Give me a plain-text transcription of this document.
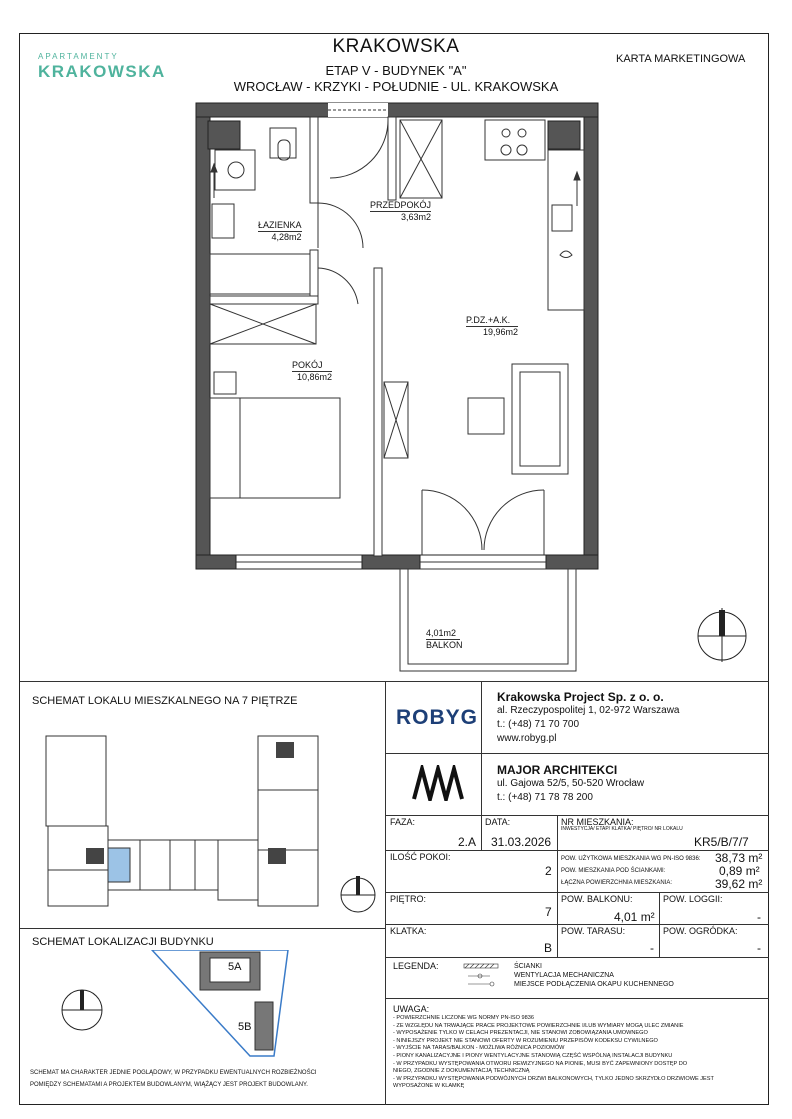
APARTAMENTY
KRAKOWSKA
KRAKOWSKA
ETAP V - BUDYNEK "A"
WROCŁAW - KRZYKI - POŁUDNIE - UL. KRAKOWSKA
KARTA MARKETINGOWA
ŁAZIENKA
4,28m2
PRZEDPOKÓJ
3,63m2
P.DZ.+A.K.
19,96m2
POKÓJ
10,86m2
4,01m2
BALKON
SCHEMAT LOKALU MIESZKALNEGO NA 7 PIĘTRZE
SCHEMAT LOKALIZACJI BUDYNKU
5A
5B
SCHEMAT MA CHARAKTER JEDNIE POGLĄDOWY, W PRZYPADKU EWENTUALNYCH ROZBIEŻNOŚCI
POMIĘDZY SCHEMATAMI A PROJEKTEM BUDOWLANYM, WIĄŻĄCY JEST PROJEKT BUDOWLANY.
ROBYG
Krakowska Project Sp. z o. o.
al. Rzeczypospolitej 1, 02-972 Warszawa
t.: (+48) 71 70 700
www.robyg.pl
MAJOR ARCHITEKCI
ul. Gajowa 52/5, 50-520 Wrocław
t.: (+48) 71 78 78 200
FAZA:
2.A
DATA:
31.03.2026
NR MIESZKANIA:
INWESTYCJA/ ETAP/ KLATKA/ PIĘTRO/ NR LOKALU
KR5/B/7/7
ILOŚĆ POKOI:
2
POW. UŻYTKOWA MIESZKANIA WG PN-ISO 9836: 38,73 m²
POW. MIESZKANIA POD ŚCIANKAMI:	0,89 m²
ŁĄCZNA POWIERZCHNIA MIESZKANIA:	39,62 m²
PIĘTRO:
7
POW. BALKONU:
4,01 m²
POW. LOGGII:
-
KLATKA:
B
POW. TARASU:
-
POW. OGRÓDKA:
-
LEGENDA:	ŚCIANKI
WENTYLACJA MECHANICZNA
MIEJSCE PODŁĄCZENIA OKAPU KUCHENNEGO
UWAGA:
- POWIERZCHNIE LICZONE WG NORMY PN-ISO 9836
- ZE WZGLĘDU NA TRWAJĄCE PRACE PROJEKTOWE POWIERZCHNIE I/LUB WYMIARY MOGĄ ULEC ZMIANIE
- WYPOSAŻENIE TYLKO W CELACH PREZENTACJI, NIE STANOWI ZOBOWIĄZANIA UMOWNEGO
- NINIEJSZY PROJEKT NIE STANOWI OFERTY W ROZUMIENIU PRZEPISÓW KODEKSU CYWILNEGO
- WYJŚCIE NA TARAS/BALKON - MOŻLIWA RÓŻNICA POZIOMÓW
- PIONY KANALIZACYJNE I PIONY WENTYLACYJNE STANOWIĄ CZĘŚĆ WSPÓLNĄ INSTALACJI BUDYNKU
- W PRZYPADKU WYSTĘPOWANIA OTWORU REWIZYJNEGO NA PIONIE, MUSI BYĆ ZAPEWNIONY DOSTĘP DO
NIEGO, ZGODNIE Z DOKUMENTACJĄ TECHNICZNĄ
- W PRZYPADKU WYSTĘPOWANIA PODWÓJNYCH DRZWI BALKONOWYCH, TYLKO JEDNO SKRZYDŁO DRZWIOWE JEST
WYPOSAŻONE W KLAMKĘ
